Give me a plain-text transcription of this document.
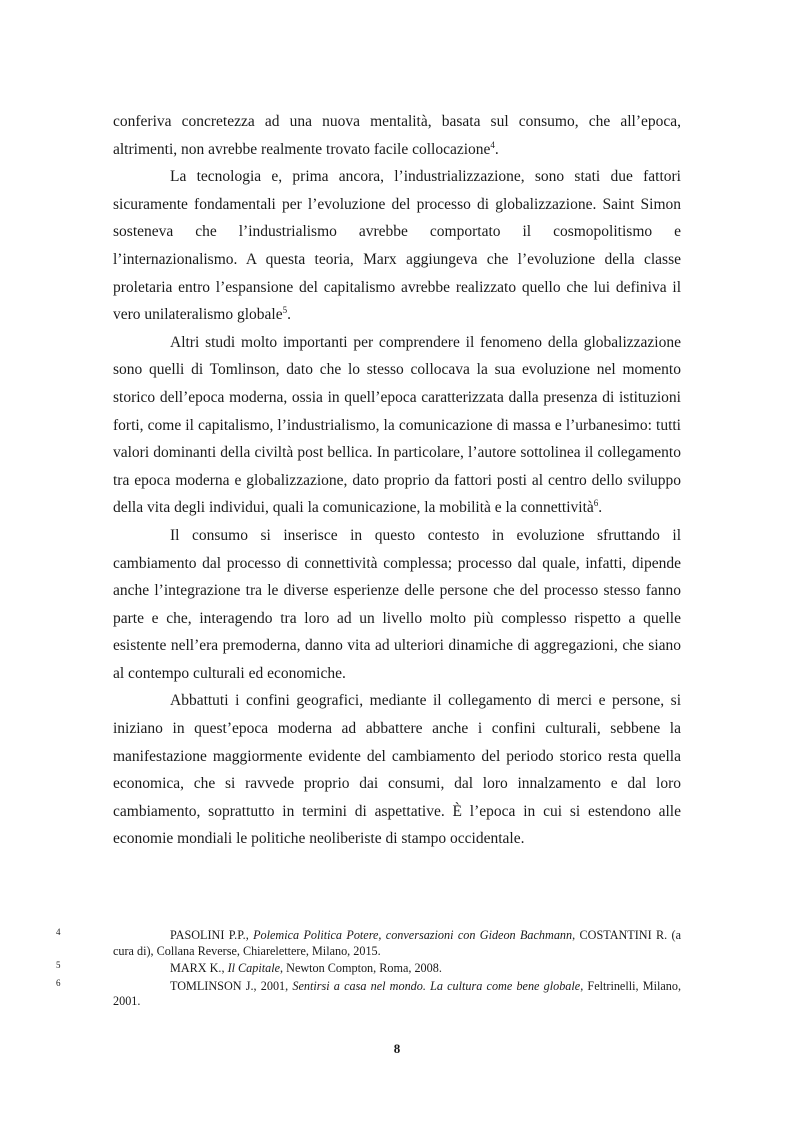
conferiva concretezza ad una nuova mentalità, basata sul consumo, che all’epoca, altrimenti, non avrebbe realmente trovato facile collocazione$^4$.

La tecnologia e, prima ancora, l’industrializzazione, sono stati due fattori sicuramente fondamentali per l’evoluzione del processo di globalizzazione. Saint Simon sosteneva che l’industrialismo avrebbe comportato il cosmopolitismo e l’internazionalismo. A questa teoria, Marx aggiungeva che l’evoluzione della classe proletaria entro l’espansione del capitalismo avrebbe realizzato quello che lui definiva il vero unilateralismo globale$^5$.

Altri studi molto importanti per comprendere il fenomeno della globalizzazione sono quelli di Tomlinson, dato che lo stesso collocava la sua evoluzione nel momento storico dell’epoca moderna, ossia in quell’epoca caratterizzata dalla presenza di istituzioni forti, come il capitalismo, l’industrialismo, la comunicazione di massa e l’urbanesimo: tutti valori dominanti della civiltà post bellica. In particolare, l’autore sottolinea il collegamento tra epoca moderna e globalizzazione, dato proprio da fattori posti al centro dello sviluppo della vita degli individui, quali la comunicazione, la mobilità e la connettività$^6$.

Il consumo si inserisce in questo contesto in evoluzione sfruttando il cambiamento dal processo di connettività complessa; processo dal quale, infatti, dipende anche l’integrazione tra le diverse esperienze delle persone che del processo stesso fanno parte e che, interagendo tra loro ad un livello molto più complesso rispetto a quelle esistente nell’era premoderna, danno vita ad ulteriori dinamiche di aggregazioni, che siano al contempo culturali ed economiche.

Abbattuti i confini geografici, mediante il collegamento di merci e persone, si iniziano in quest’epoca moderna ad abbattere anche i confini culturali, sebbene la manifestazione maggiormente evidente del cambiamento del periodo storico resta quella economica, che si ravvede proprio dai consumi, dal loro innalzamento e dal loro cambiamento, soprattutto in termini di aspettative. È l’epoca in cui si estendono alle economie mondiali le politiche neoliberiste di stampo occidentale.

4	PASOLINI P.P., Polemica Politica Potere, conversazioni con Gideon Bachmann, COSTANTINI R. (a cura di), Collana Reverse, Chiarelettere, Milano, 2015.

5	MARX K., Il Capitale, Newton Compton, Roma, 2008.

6	TOMLINSON J., 2001, Sentirsi a casa nel mondo. La cultura come bene globale, Feltrinelli, Milano, 2001.

8
